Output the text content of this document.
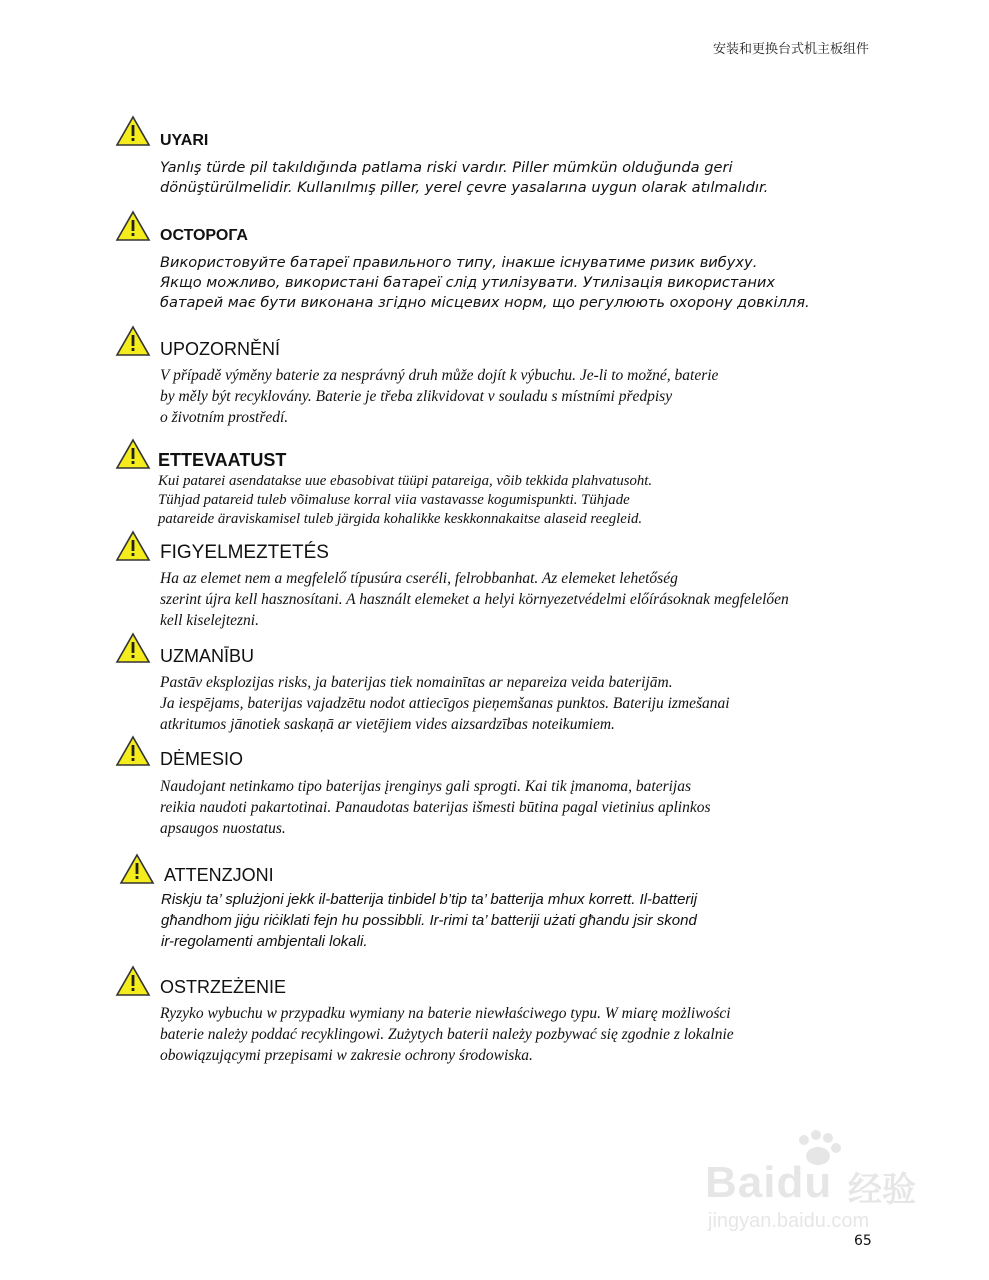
安装和更换台式机主板组件
UYARI
Yanlış türde pil takıldığında patlama riski vardır. Piller mümkün olduğunda geri
dönüştürülmelidir. Kullanılmış piller, yerel çevre yasalarına uygun olarak atılmalıdır.
ОСТОРОГА
Використовуйте батареї правильного типу, інакше існуватиме ризик вибуху.
Якщо можливо, використані батареї слід утилізувати. Утилізація використаних
батарей має бути виконана згідно місцевих норм, що регулюють охорону довкілля.
UPOZORNĚNÍ
V případě výměny baterie za nesprávný druh může dojít k výbuchu. Je-li to možné, baterie
by měly být recyklovány. Baterie je třeba zlikvidovat v souladu s místními předpisy
o životním prostředí.
ETTEVAATUST
Kui patarei asendatakse uue ebasobivat tüüpi patareiga, võib tekkida plahvatusoht.
Tühjad patareid tuleb võimaluse korral viia vastavasse kogumispunkti. Tühjade
patareide äraviskamisel tuleb järgida kohalikke keskkonnakaitse alaseid reegleid.
FIGYELMEZTETÉS
Ha az elemet nem a megfelelő típusúra cseréli, felrobbanhat. Az elemeket lehetőség
szerint újra kell hasznosítani. A használt elemeket a helyi környezetvédelmi előírásoknak megfelelően
kell kiselejtezni.
UZMANĪBU
Pastāv eksplozijas risks, ja baterijas tiek nomainītas ar nepareiza veida baterijām.
Ja iespējams, baterijas vajadzētu nodot attiecīgos pieņemšanas punktos. Bateriju izmešanai
atkritumos jānotiek saskaņā ar vietējiem vides aizsardzības noteikumiem.
DĖMESIO
Naudojant netinkamo tipo baterijas įrenginys gali sprogti. Kai tik įmanoma, baterijas
reikia naudoti pakartotinai. Panaudotas baterijas išmesti būtina pagal vietinius aplinkos
apsaugos nuostatus.
ATTENZJONI
Riskju ta’ splużjoni jekk il-batterija tinbidel b’tip ta’ batterija mhux korrett. Il-batterij
għandhom jiġu riċiklati fejn hu possibbli. Ir-rimi ta’ batteriji użati għandu jsir skond
ir-regolamenti ambjentali lokali.
OSTRZEŻENIE
Ryzyko wybuchu w przypadku wymiany na baterie niewłaściwego typu. W miarę możliwości
baterie należy poddać recyklingowi. Zużytych baterii należy pozbywać się zgodnie z lokalnie
obowiązującymi przepisami w zakresie ochrony środowiska.
Baidu 经验
jingyan.baidu.com
65
